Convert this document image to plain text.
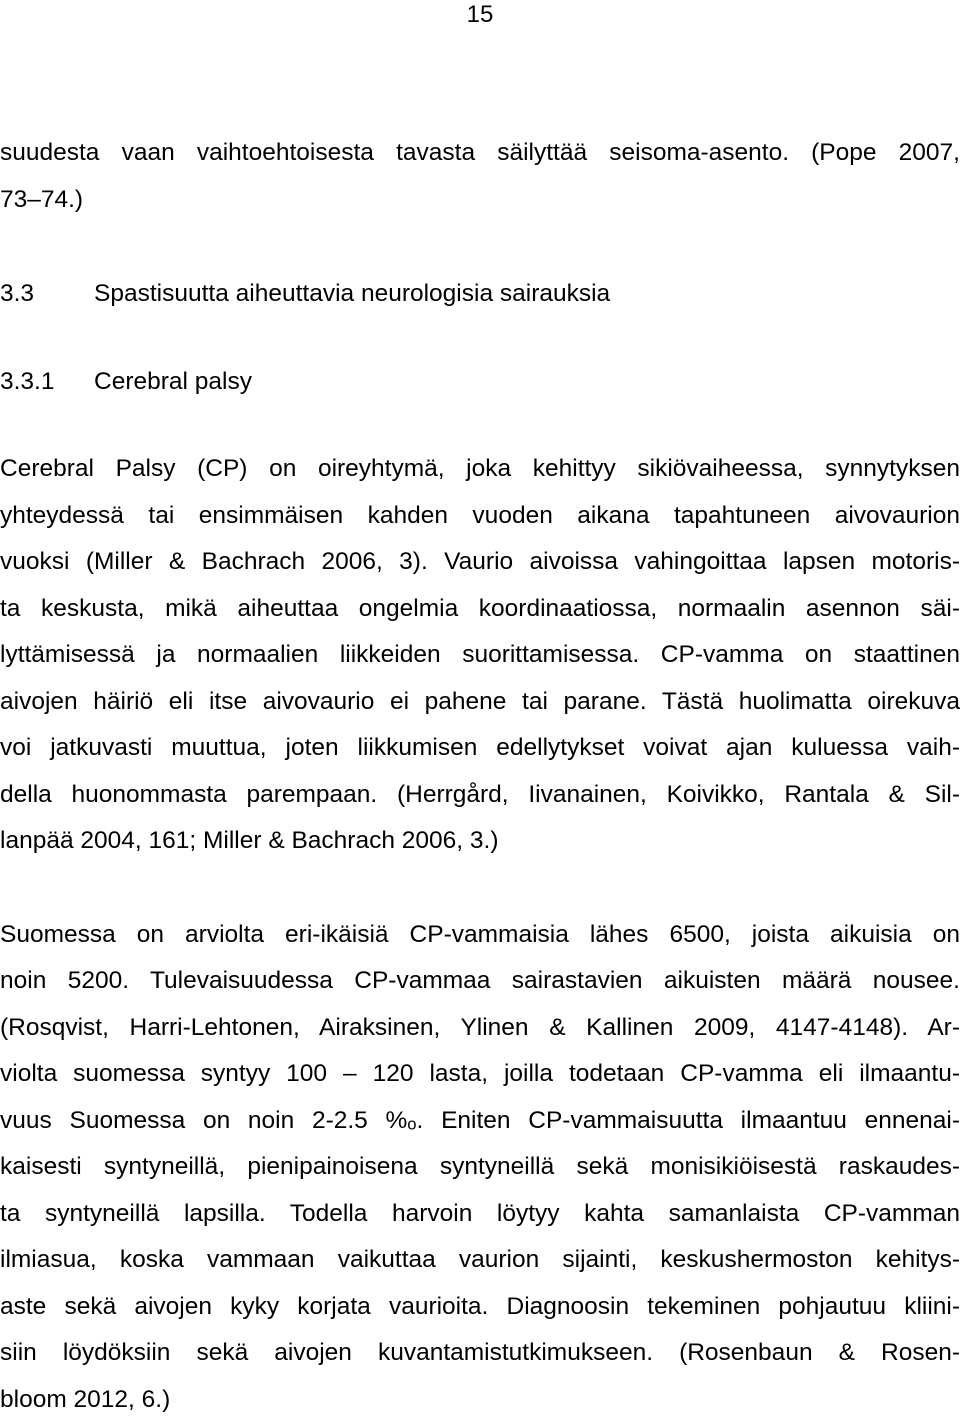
15
suudesta vaan vaihtoehtoisesta tavasta säilyttää seisoma-asento. (Pope 2007,
73–74.)
3.3 Spastisuutta aiheuttavia neurologisia sairauksia
3.3.1 Cerebral palsy
Cerebral Palsy (CP) on oireyhtymä, joka kehittyy sikiövaiheessa, synnytyksen
yhteydessä tai ensimmäisen kahden vuoden aikana tapahtuneen aivovaurion
vuoksi (Miller & Bachrach 2006, 3). Vaurio aivoissa vahingoittaa lapsen motoris-
ta keskusta, mikä aiheuttaa ongelmia koordinaatiossa, normaalin asennon säi-
lyttämisessä ja normaalien liikkeiden suorittamisessa. CP-vamma on staattinen
aivojen häiriö eli itse aivovaurio ei pahene tai parane. Tästä huolimatta oirekuva
voi jatkuvasti muuttua, joten liikkumisen edellytykset voivat ajan kuluessa vaih-
della huonommasta parempaan. (Herrgård, Iivanainen, Koivikko, Rantala & Sil-
lanpää 2004, 161; Miller & Bachrach 2006, 3.)
Suomessa on arviolta eri-ikäisiä CP-vammaisia lähes 6500, joista aikuisia on
noin 5200. Tulevaisuudessa CP-vammaa sairastavien aikuisten määrä nousee.
(Rosqvist, Harri-Lehtonen, Airaksinen, Ylinen & Kallinen 2009, 4147-4148). Ar-
violta suomessa syntyy 100 – 120 lasta, joilla todetaan CP-vamma eli ilmaantu-
vuus Suomessa on noin 2-2.5 %ₒ. Eniten CP-vammaisuutta ilmaantuu ennenai-
kaisesti syntyneillä, pienipainoisena syntyneillä sekä monisikiöisestä raskaudes-
ta syntyneillä lapsilla. Todella harvoin löytyy kahta samanlaista CP-vamman
ilmiasua, koska vammaan vaikuttaa vaurion sijainti, keskushermoston kehitys-
aste sekä aivojen kyky korjata vaurioita. Diagnoosin tekeminen pohjautuu kliini-
siin löydöksiin sekä aivojen kuvantamistutkimukseen. (Rosenbaun & Rosen-
bloom 2012, 6.)
